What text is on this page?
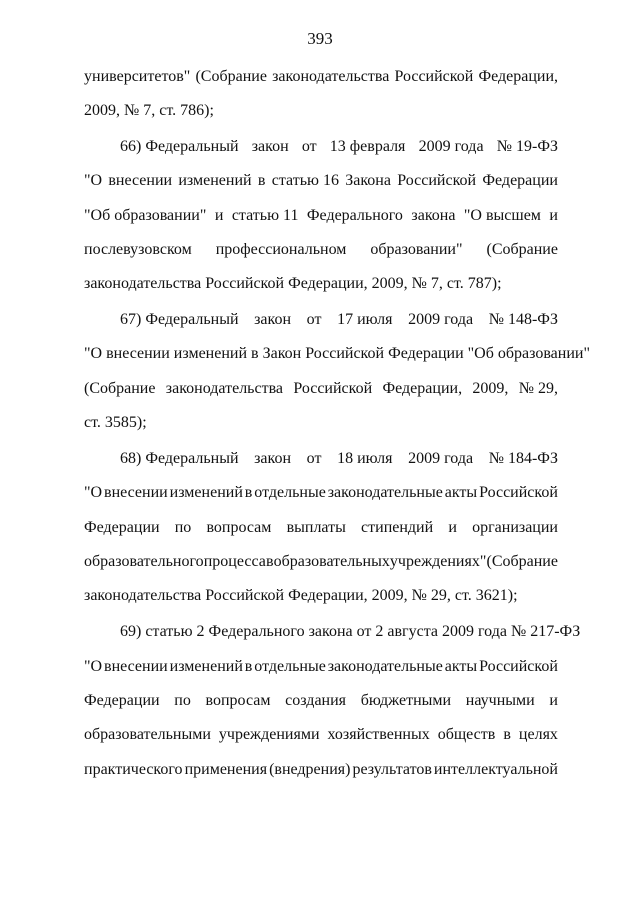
393
университетов" (Собрание законодательства Российской Федерации,
2009, № 7, ст. 786);
66) Федеральный закон от 13 февраля 2009 года № 19-ФЗ
"О внесении изменений в статью 16 Закона Российской Федерации
"Об образовании" и статью 11 Федерального закона "О высшем и
послевузовском профессиональном образовании" (Собрание
законодательства Российской Федерации, 2009, № 7, ст. 787);
67) Федеральный закон от 17 июля 2009 года № 148-ФЗ
"О внесении изменений в Закон Российской Федерации "Об образовании"
(Собрание законодательства Российской Федерации, 2009, № 29,
ст. 3585);
68) Федеральный закон от 18 июля 2009 года № 184-ФЗ
"О внесении изменений в отдельные законодательные акты Российской
Федерации по вопросам выплаты стипендий и организации
образовательного процесса в образовательных учреждениях" (Собрание
законодательства Российской Федерации, 2009, № 29, ст. 3621);
69) статью 2 Федерального закона от 2 августа 2009 года № 217-ФЗ
"О внесении изменений в отдельные законодательные акты Российской
Федерации по вопросам создания бюджетными научными и
образовательными учреждениями хозяйственных обществ в целях
практического применения (внедрения) результатов интеллектуальной
